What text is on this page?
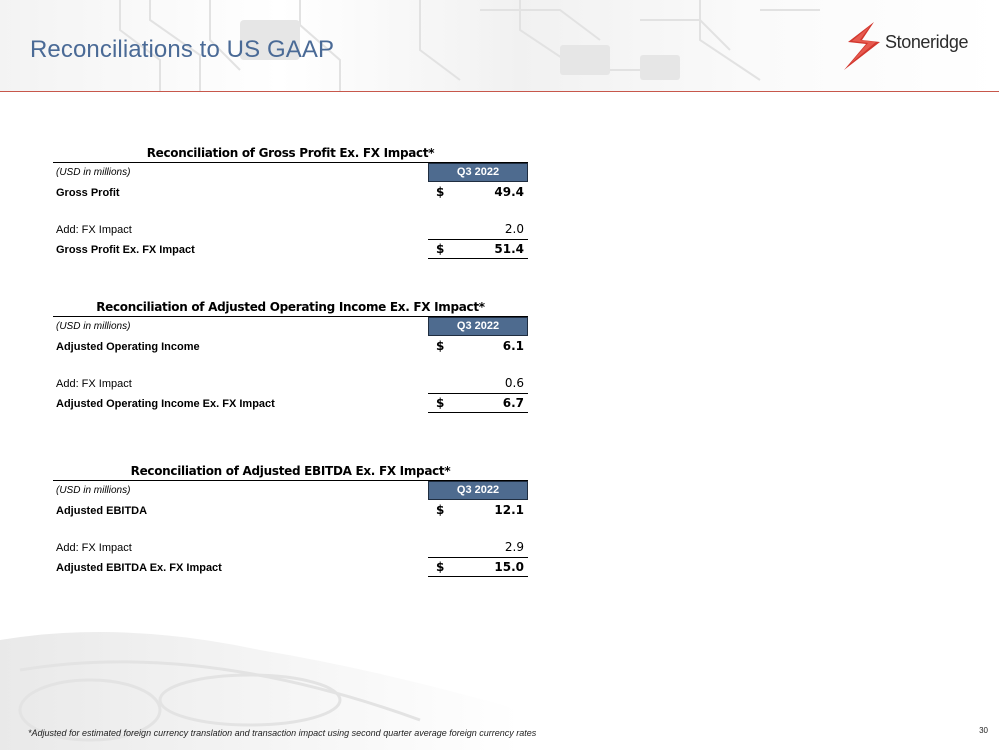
Reconciliations to US GAAP	Stoneridge
Reconciliation of Gross Profit Ex. FX Impact*
(USD in millions)	Q3 2022
Gross Profit	$	49.4
Add: FX Impact	2.0
Gross Profit Ex. FX Impact	$	51.4
Reconciliation of Adjusted Operating Income Ex. FX Impact*
(USD in millions)	Q3 2022
Adjusted Operating Income	$	6.1
Add: FX Impact	0.6
Adjusted Operating Income Ex. FX Impact	$	6.7
Reconciliation of Adjusted EBITDA Ex. FX Impact*
(USD in millions)	Q3 2022
Adjusted EBITDA	$	12.1
Add: FX Impact	2.9
Adjusted EBITDA Ex. FX Impact	$	15.0
*Adjusted for estimated foreign currency translation and transaction impact using second quarter average foreign currency rates	30
